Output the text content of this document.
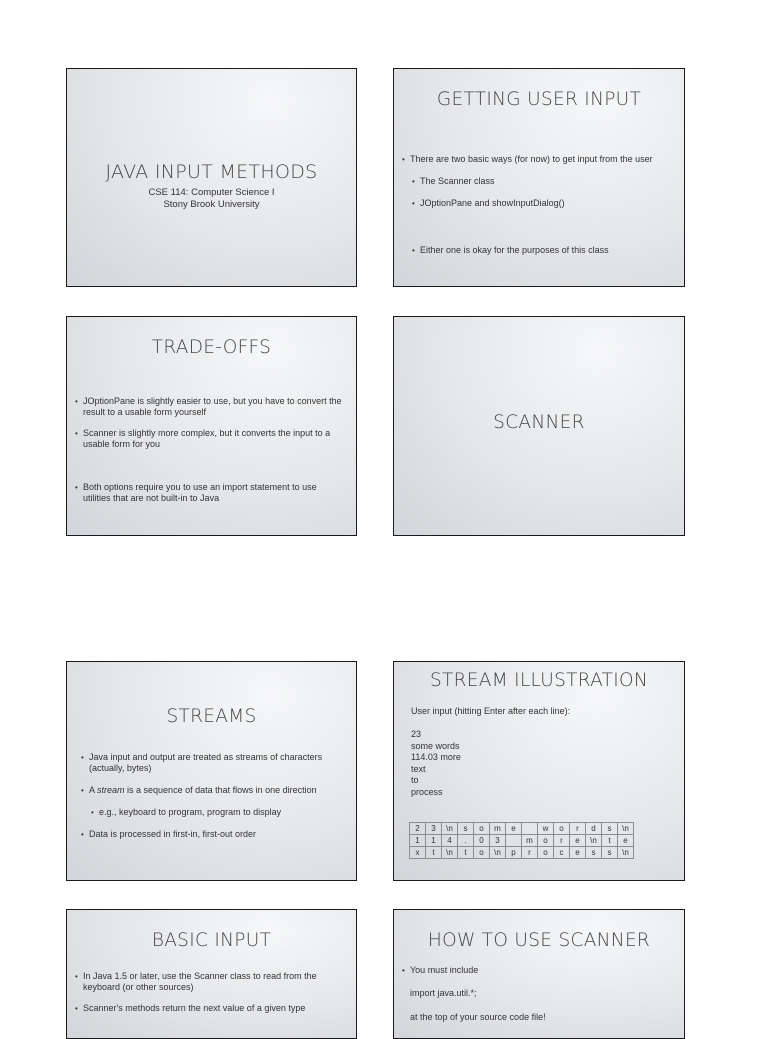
JAVA INPUT METHODS
CSE 114: Computer Science I
Stony Brook University
GETTING USER INPUT
• There are two basic ways (for now) to get input from the user
• The Scanner class
• JOptionPane and showInputDialog()
• Either one is okay for the purposes of this class
TRADE-OFFS
• JOptionPane is slightly easier to use, but you have to convert the result to a usable form yourself
• Scanner is slightly more complex, but it converts the input to a usable form for you
• Both options require you to use an import statement to use utilities that are not built-in to Java
SCANNER
STREAMS
• Java input and output are treated as streams of characters (actually, bytes)
• A stream is a sequence of data that flows in one direction
• e.g., keyboard to program, program to display
• Data is processed in first-in, first-out order
STREAM ILLUSTRATION
User input (hitting Enter after each line):
23
some words
114.03 more
text
to
process
2	3	\n	s	o	m	e		w	o	r	d	s	\n
1	1	4	.	0	3		m	o	r	e	\n	t	e
x	t	\n	t	o	\n	p	r	o	c	e	s	s	\n
BASIC INPUT
• In Java 1.5 or later, use the Scanner class to read from the keyboard (or other sources)
• Scanner's methods return the next value of a given type
HOW TO USE SCANNER
• You must include
import java.util.*;
at the top of your source code file!
